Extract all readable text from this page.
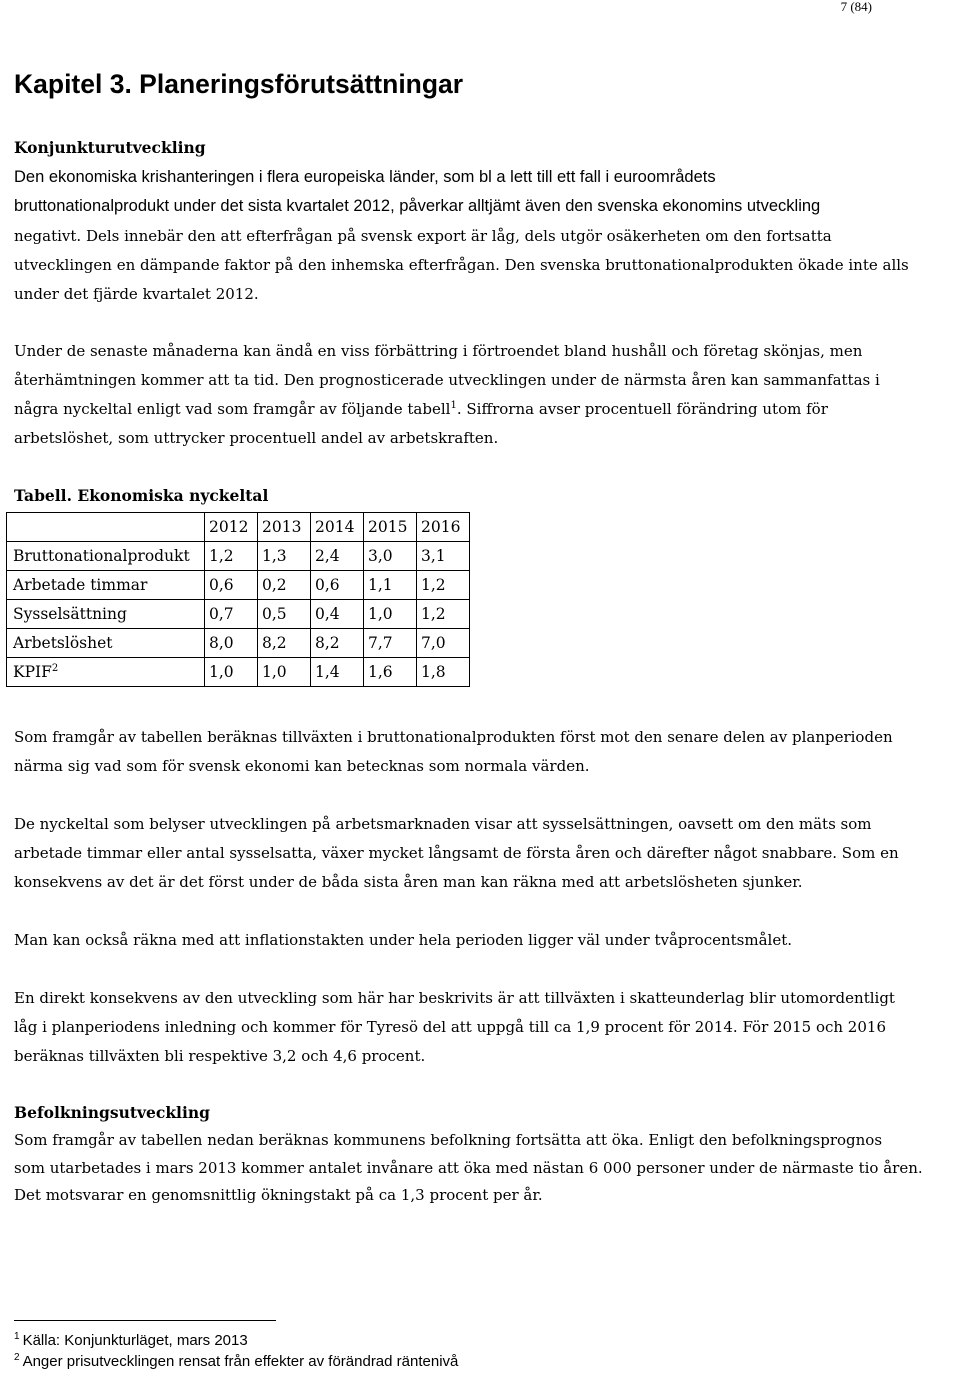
7 (84)
Kapitel 3. Planeringsförutsättningar
Konjunkturutveckling
Den ekonomiska krishanteringen i flera europeiska länder, som bl a lett till ett fall i euroområdets
bruttonationalprodukt under det sista kvartalet 2012, påverkar alltjämt även den svenska ekonomins utveckling
negativt. Dels innebär den att efterfrågan på svensk export är låg, dels utgör osäkerheten om den fortsatta
utvecklingen en dämpande faktor på den inhemska efterfrågan. Den svenska bruttonationalprodukten ökade inte alls
under det fjärde kvartalet 2012.
Under de senaste månaderna kan ändå en viss förbättring i förtroendet bland hushåll och företag skönjas, men
återhämtningen kommer att ta tid. Den prognosticerade utvecklingen under de närmsta åren kan sammanfattas i
några nyckeltal enligt vad som framgår av följande tabell$^1$. Siffrorna avser procentuell förändring utom för
arbetslöshet, som uttrycker procentuell andel av arbetskraften.
Tabell. Ekonomiska nyckeltal
	2012	2013	2014	2015	2016
Bruttonationalprodukt	1,2	1,3	2,4	3,0	3,1
Arbetade timmar	0,6	0,2	0,6	1,1	1,2
Sysselsättning	0,7	0,5	0,4	1,0	1,2
Arbetslöshet	8,0	8,2	8,2	7,7	7,0
KPIF$^2$	1,0	1,0	1,4	1,6	1,8
Som framgår av tabellen beräknas tillväxten i bruttonationalprodukten först mot den senare delen av planperioden
närma sig vad som för svensk ekonomi kan betecknas som normala värden.
De nyckeltal som belyser utvecklingen på arbetsmarknaden visar att sysselsättningen, oavsett om den mäts som
arbetade timmar eller antal sysselsatta, växer mycket långsamt de första åren och därefter något snabbare. Som en
konsekvens av det är det först under de båda sista åren man kan räkna med att arbetslösheten sjunker.
Man kan också räkna med att inflationstakten under hela perioden ligger väl under tvåprocentsmålet.
En direkt konsekvens av den utveckling som här har beskrivits är att tillväxten i skatteunderlag blir utomordentligt
låg i planperiodens inledning och kommer för Tyresö del att uppgå till ca 1,9 procent för 2014. För 2015 och 2016
beräknas tillväxten bli respektive 3,2 och 4,6 procent.
Befolkningsutveckling
Som framgår av tabellen nedan beräknas kommunens befolkning fortsätta att öka. Enligt den befolkningsprognos
som utarbetades i mars 2013 kommer antalet invånare att öka med nästan 6 000 personer under de närmaste tio åren.
Det motsvarar en genomsnittlig ökningstakt på ca 1,3 procent per år.
$^1$ Källa: Konjunkturläget, mars 2013
$^2$ Anger prisutvecklingen rensat från effekter av förändrad räntenivå
